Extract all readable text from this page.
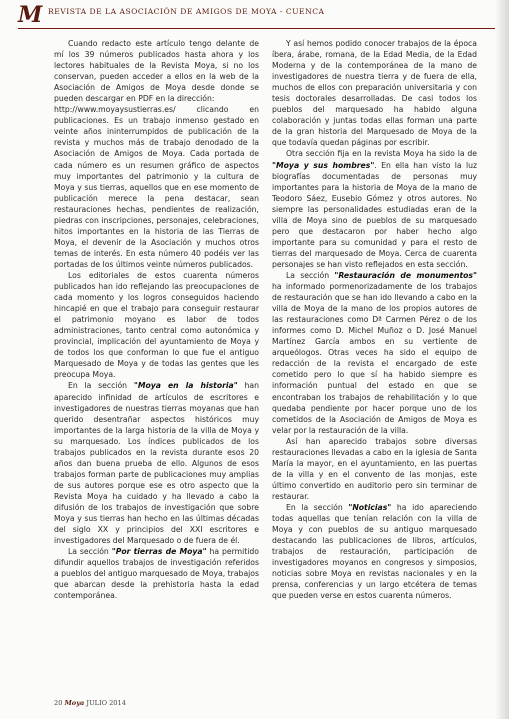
M REVISTA DE LA ASOCIACIÓN DE AMIGOS DE MOYA - CUENCA

Cuando redacto este artículo tengo delante de mí los 39 números publicados hasta ahora y los lectores habituales de la Revista Moya, si no los conservan, pueden acceder a ellos en la web de la Asociación de Amigos de Moya desde donde se pueden descargar en PDF en la dirección:

http://www.moyaysustierras.es/ clicando en publicaciones. Es un trabajo inmenso gestado en veinte años ininterrumpidos de publicación de la revista y muchos más de trabajo denodado de la Asociación de Amigos de Moya. Cada portada de cada número es un resumen gráfico de aspectos muy importantes del patrimonio y la cultura de Moya y sus tierras, aquellos que en ese momento de publicación merece la pena destacar, sean restauraciones hechas, pendientes de realización, piedras con inscripciones, personajes, celebraciones, hitos importantes en la historia de las Tierras de Moya, el devenir de la Asociación y muchos otros temas de interés. En esta número 40 podéis ver las portadas de los últimos veinte números publicados.

Los editoriales de estos cuarenta números publicados han ido reflejando las preocupaciones de cada momento y los logros conseguidos haciendo hincapié en que el trabajo para conseguir restaurar el patrimonio moyano es labor de todos administraciones, tanto central como autonómica y provincial, implicación del ayuntamiento de Moya y de todos los que conforman lo que fue el antiguo Marquesado de Moya y de todas las gentes que les preocupa Moya.

En la sección "Moya en la historia" han aparecido infinidad de artículos de escritores e investigadores de nuestras tierras moyanas que han querido desentrañar aspectos históricos muy importantes de la larga historia de la villa de Moya y su marquesado. Los índices publicados de los trabajos publicados en la revista durante esos 20 años dan buena prueba de ello. Algunos de esos trabajos forman parte de publicaciones muy amplias de sus autores porque ese es otro aspecto que la Revista Moya ha cuidado y ha llevado a cabo la difusión de los trabajos de investigación que sobre Moya y sus tierras han hecho en las últimas décadas del siglo XX y principios del XXI escritores e investigadores del Marquesado o de fuera de él.

La sección "Por tierras de Moya" ha permitido difundir aquellos trabajos de investigación referidos a pueblos del antiguo marquesado de Moya, trabajos que abarcan desde la prehistoria hasta la edad contemporánea.

Y así hemos podido conocer trabajos de la época íbera, árabe, romana, de la Edad Media, de la Edad Moderna y de la contemporánea de la mano de investigadores de nuestra tierra y de fuera de ella, muchos de ellos con preparación universitaria y con tesis doctorales desarrolladas. De casi todos los pueblos del marquesado ha habido alguna colaboración y juntas todas ellas forman una parte de la gran historia del Marquesado de Moya de la que todavía quedan páginas por escribir.

Otra sección fija en la revista Moya ha sido la de "Moya y sus hombres". En ella han visto la luz biografías documentadas de personas muy importantes para la historia de Moya de la mano de Teodoro Sáez, Eusebio Gómez y otros autores. No siempre las personalidades estudiadas eran de la villa de Moya sino de pueblos de su marquesado pero que destacaron por haber hecho algo importante para su comunidad y para el resto de tierras del marquesado de Moya. Cerca de cuarenta personajes se han visto reflejados en esta sección.

La sección "Restauración de monumentos" ha informado pormenorizadamente de los trabajos de restauración que se han ido llevando a cabo en la villa de Moya de la mano de los propios autores de las restauraciones como Dª Carmen Pérez o de los informes como D. Michel Muñoz o D. José Manuel Martínez García ambos en su vertiente de arqueólogos. Otras veces ha sido el equipo de redacción de la revista el encargado de este cometido pero lo que sí ha habido siempre es información puntual del estado en que se encontraban los trabajos de rehabilitación y lo que quedaba pendiente por hacer porque uno de los cometidos de la Asociación de Amigos de Moya es velar por la restauración de la villa.

Así han aparecido trabajos sobre diversas restauraciones llevadas a cabo en la iglesia de Santa María la mayor, en el ayuntamiento, en las puertas de la villa y en el convento de las monjas, este último convertido en auditorio pero sin terminar de restaurar.

En la sección "Noticias" ha ido apareciendo todas aquellas que tenían relación con la villa de Moya y con pueblos de su antiguo marquesado destacando las publicaciones de libros, artículos, trabajos de restauración, participación de investigadores moyanos en congresos y simposios, noticias sobre Moya en revistas nacionales y en la prensa, conferencias y un largo etcétera de temas que pueden verse en estos cuarenta números.

20 Moya JULIO 2014
